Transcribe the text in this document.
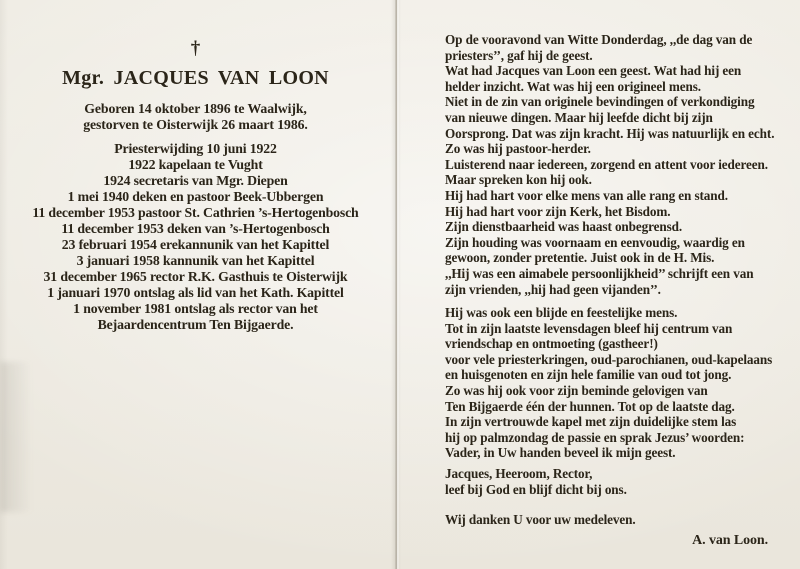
†
Mgr. JACQUES VAN LOON
Geboren 14 oktober 1896 te Waalwijk,
gestorven te Oisterwijk 26 maart 1986.
Priesterwijding 10 juni 1922
1922 kapelaan te Vught
1924 secretaris van Mgr. Diepen
1 mei 1940 deken en pastoor Beek-Ubbergen
11 december 1953 pastoor St. Cathrien ’s-Hertogenbosch
11 december 1953 deken van ’s-Hertogenbosch
23 februari 1954 erekannunik van het Kapittel
3 januari 1958 kannunik van het Kapittel
31 december 1965 rector R.K. Gasthuis te Oisterwijk
1 januari 1970 ontslag als lid van het Kath. Kapittel
1 november 1981 ontslag als rector van het
Bejaardencentrum Ten Bijgaerde.
Op de vooravond van Witte Donderdag, ,,de dag van de
priesters’’, gaf hij de geest.
Wat had Jacques van Loon een geest. Wat had hij een
helder inzicht. Wat was hij een origineel mens.
Niet in de zin van originele bevindingen of verkondiging
van nieuwe dingen. Maar hij leefde dicht bij zijn
Oorsprong. Dat was zijn kracht. Hij was natuurlijk en echt.
Zo was hij pastoor-herder.
Luisterend naar iedereen, zorgend en attent voor iedereen.
Maar spreken kon hij ook.
Hij had hart voor elke mens van alle rang en stand.
Hij had hart voor zijn Kerk, het Bisdom.
Zijn dienstbaarheid was haast onbegrensd.
Zijn houding was voornaam en eenvoudig, waardig en
gewoon, zonder pretentie. Juist ook in de H. Mis.
,,Hij was een aimabele persoonlijkheid’’ schrijft een van
zijn vrienden, ,,hij had geen vijanden’’.
Hij was ook een blijde en feestelijke mens.
Tot in zijn laatste levensdagen bleef hij centrum van
vriendschap en ontmoeting (gastheer!)
voor vele priesterkringen, oud-parochianen, oud-kapelaans
en huisgenoten en zijn hele familie van oud tot jong.
Zo was hij ook voor zijn beminde gelovigen van
Ten Bijgaerde één der hunnen. Tot op de laatste dag.
In zijn vertrouwde kapel met zijn duidelijke stem las
hij op palmzondag de passie en sprak Jezus’ woorden:
Vader, in Uw handen beveel ik mijn geest.
Jacques, Heeroom, Rector,
leef bij God en blijf dicht bij ons.
Wij danken U voor uw medeleven.
A. van Loon.
